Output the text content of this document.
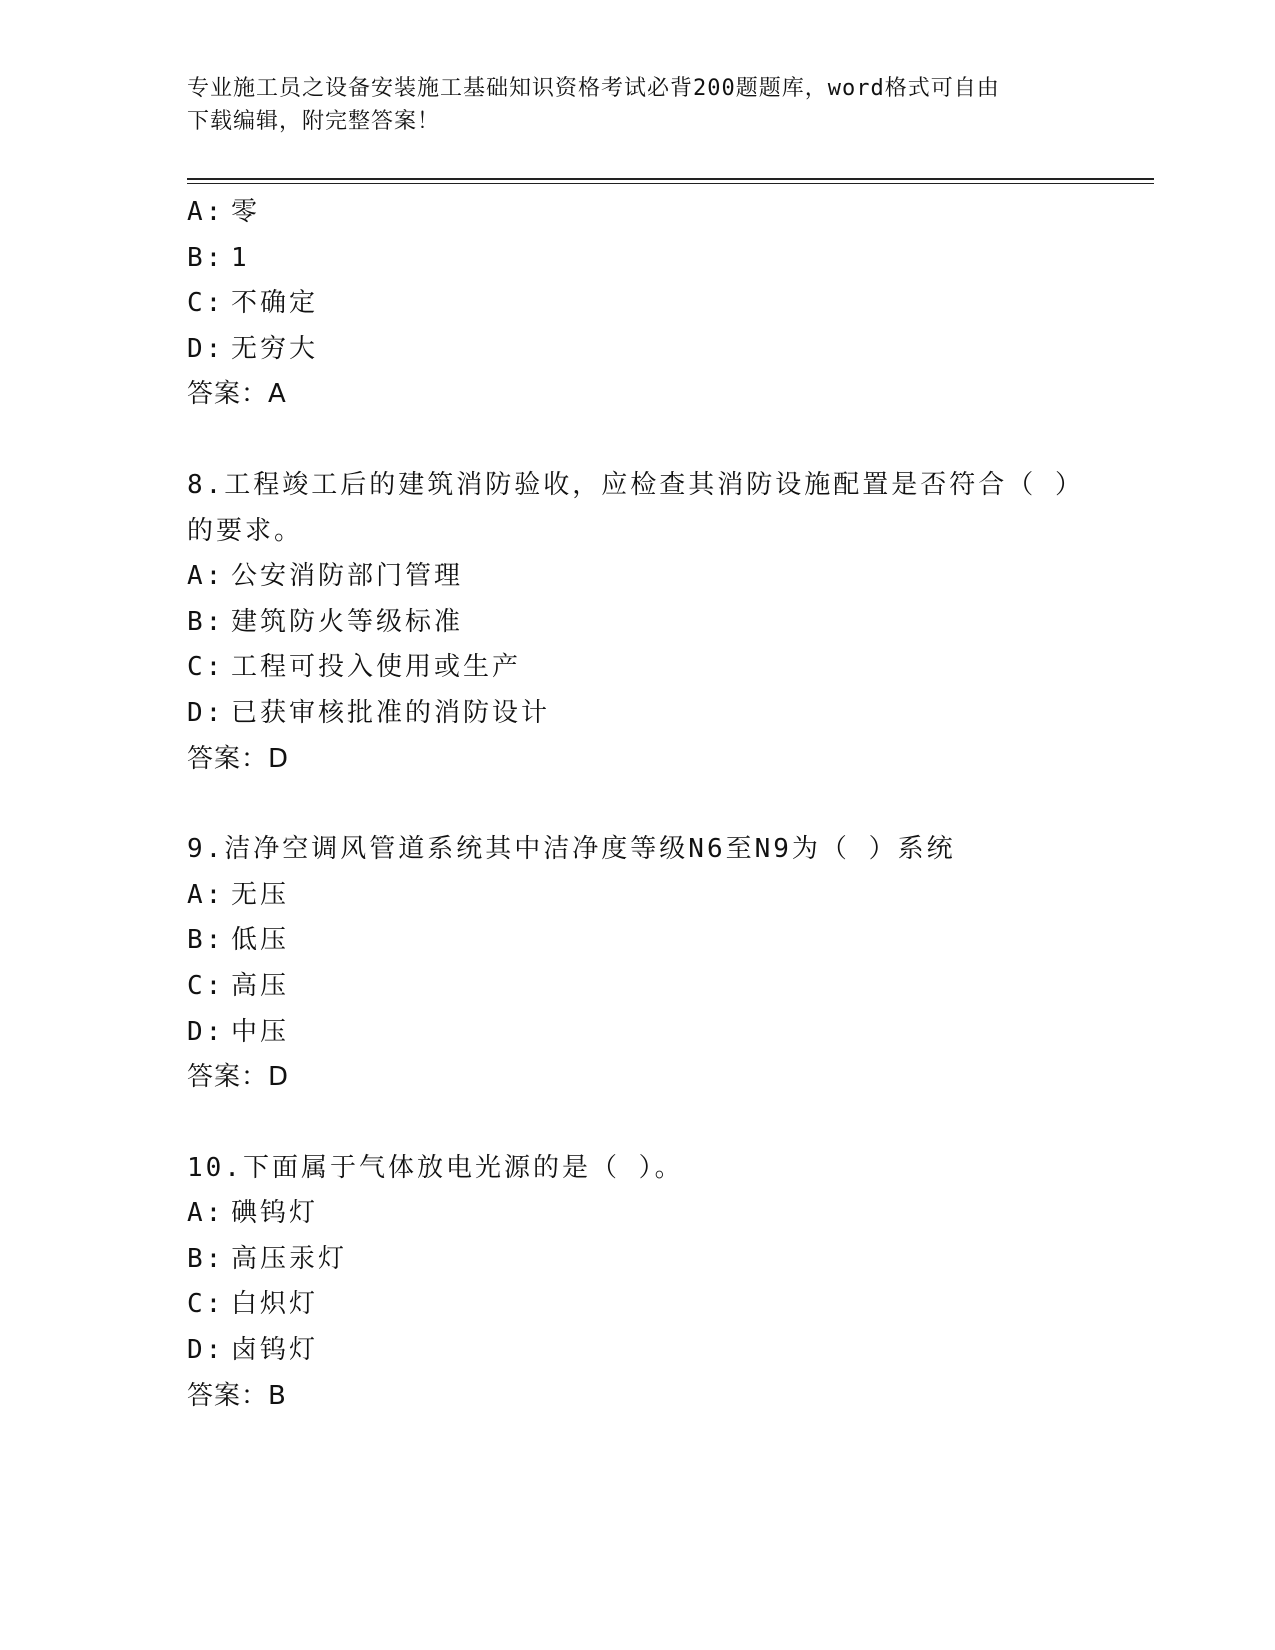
专业施工员之设备安装施工基础知识资格考试必背200题题库，word格式可自由
下载编辑，附完整答案！
A: 零
B: 1
C: 不确定
D: 无穷大
答案：A
8.工程竣工后的建筑消防验收，应检查其消防设施配置是否符合（ ）
的要求。
A: 公安消防部门管理
B: 建筑防火等级标准
C: 工程可投入使用或生产
D: 已获审核批准的消防设计
答案：D
9.洁净空调风管道系统其中洁净度等级N6至N9为（ ）系统
A: 无压
B: 低压
C: 高压
D: 中压
答案：D
10.下面属于气体放电光源的是（ ）。
A: 碘钨灯
B: 高压汞灯
C: 白炽灯
D: 卤钨灯
答案：B
